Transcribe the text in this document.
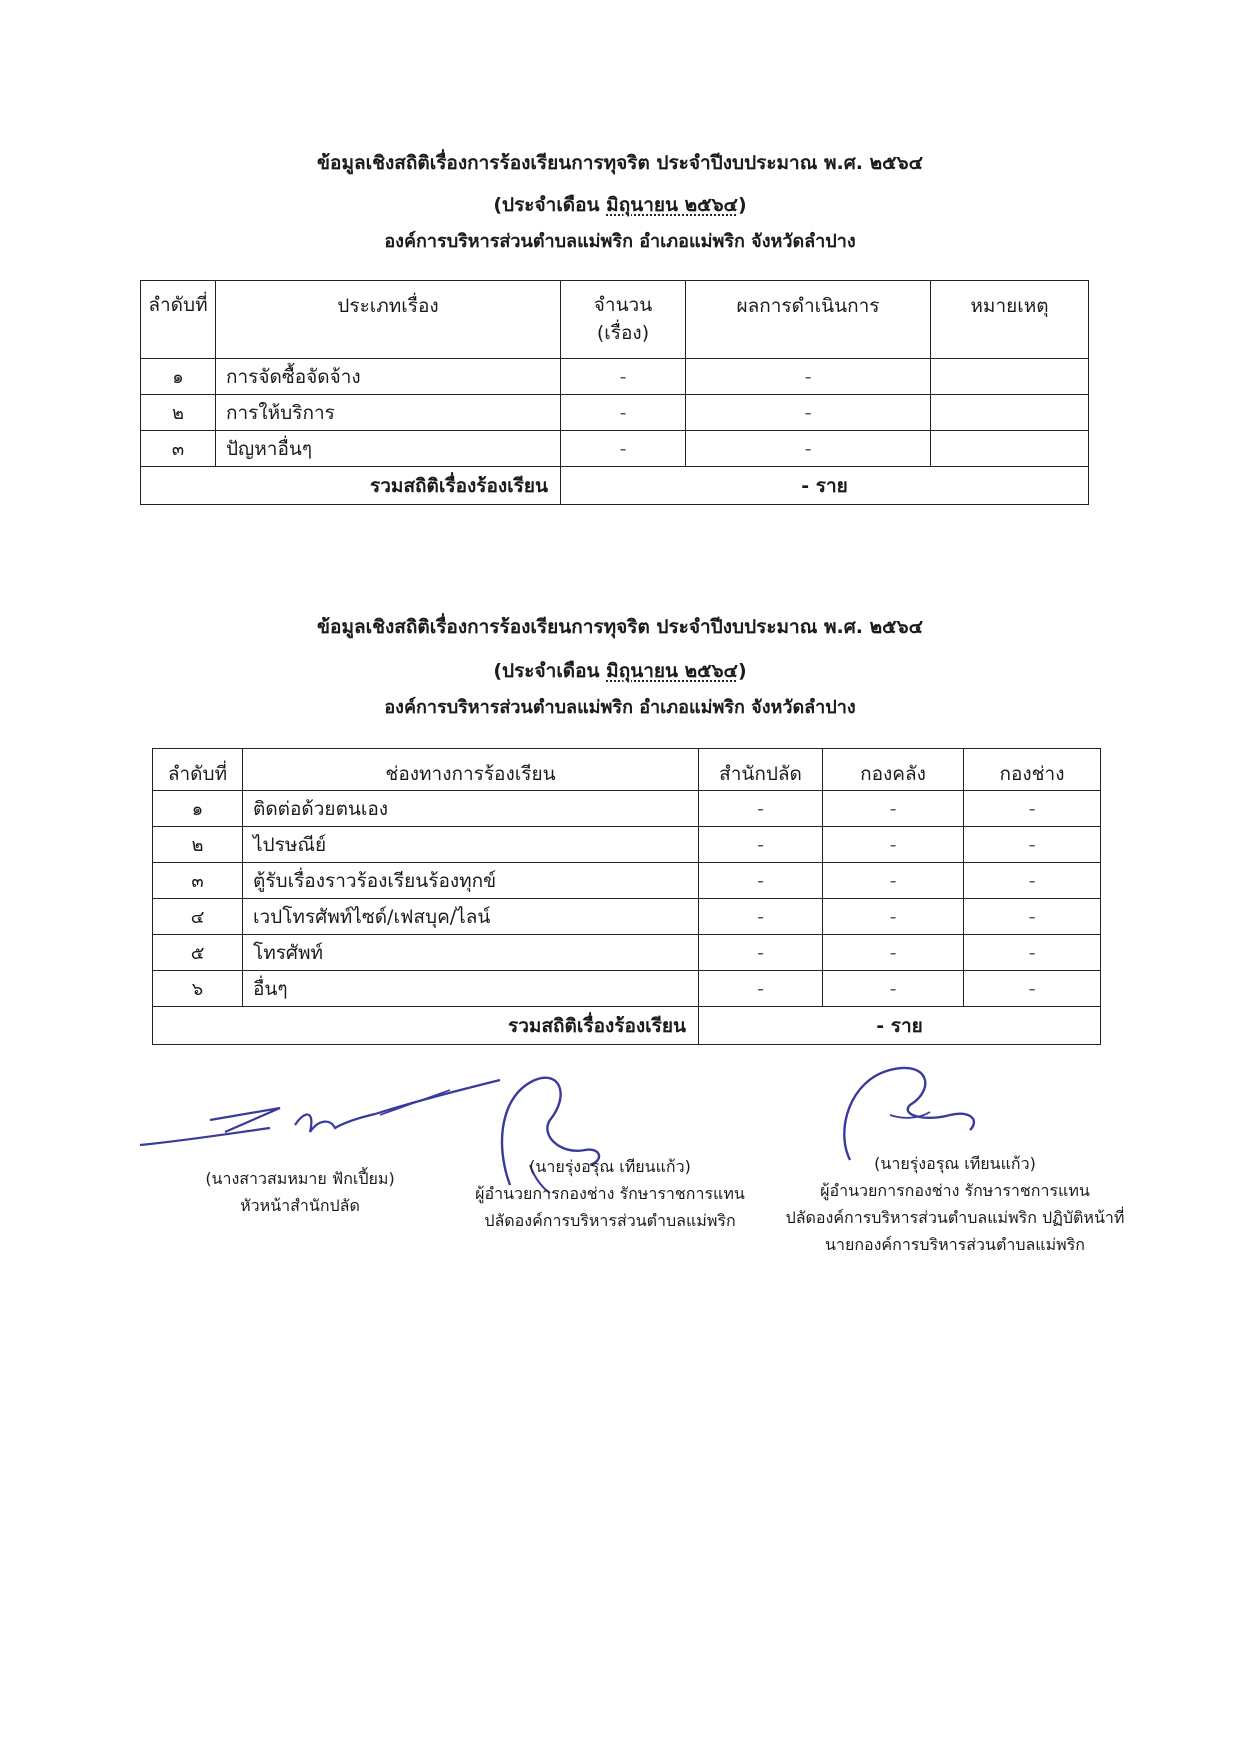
ข้อมูลเชิงสถิติเรื่องการร้องเรียนการทุจริต ประจำปีงบประมาณ พ.ศ. ๒๕๖๔
(ประจำเดือน มิถุนายน ๒๕๖๔)
องค์การบริหารส่วนตำบลแม่พริก อำเภอแม่พริก จังหวัดลำปาง
ลำดับที่	ประเภทเรื่อง	จำนวน (เรื่อง)	ผลการดำเนินการ	หมายเหตุ
๑	การจัดซื้อจัดจ้าง	-	-	
๒	การให้บริการ	-	-	
๓	ปัญหาอื่นๆ	-	-	
รวมสถิติเรื่องร้องเรียน		- ราย		
ข้อมูลเชิงสถิติเรื่องการร้องเรียนการทุจริต ประจำปีงบประมาณ พ.ศ. ๒๕๖๔
(ประจำเดือน มิถุนายน ๒๕๖๔)
องค์การบริหารส่วนตำบลแม่พริก อำเภอแม่พริก จังหวัดลำปาง
ลำดับที่	ช่องทางการร้องเรียน	สำนักปลัด	กองคลัง	กองช่าง
๑	ติดต่อด้วยตนเอง	-	-	-
๒	ไปรษณีย์	-	-	-
๓	ตู้รับเรื่องราวร้องเรียนร้องทุกข์	-	-	-
๔	เวปโทรศัพท์ไซด์/เฟสบุค/ไลน์	-	-	-
๕	โทรศัพท์	-	-	-
๖	อื่นๆ	-	-	-
รวมสถิติเรื่องร้องเรียน		- ราย		
(นางสาวสมหมาย ฟักเปี้ยม)
หัวหน้าสำนักปลัด
(นายรุ่งอรุณ เทียนแก้ว)
ผู้อำนวยการกองช่าง รักษาราชการแทน
ปลัดองค์การบริหารส่วนตำบลแม่พริก
(นายรุ่งอรุณ เทียนแก้ว)
ผู้อำนวยการกองช่าง รักษาราชการแทน
ปลัดองค์การบริหารส่วนตำบลแม่พริก ปฏิบัติหน้าที่
นายกองค์การบริหารส่วนตำบลแม่พริก
